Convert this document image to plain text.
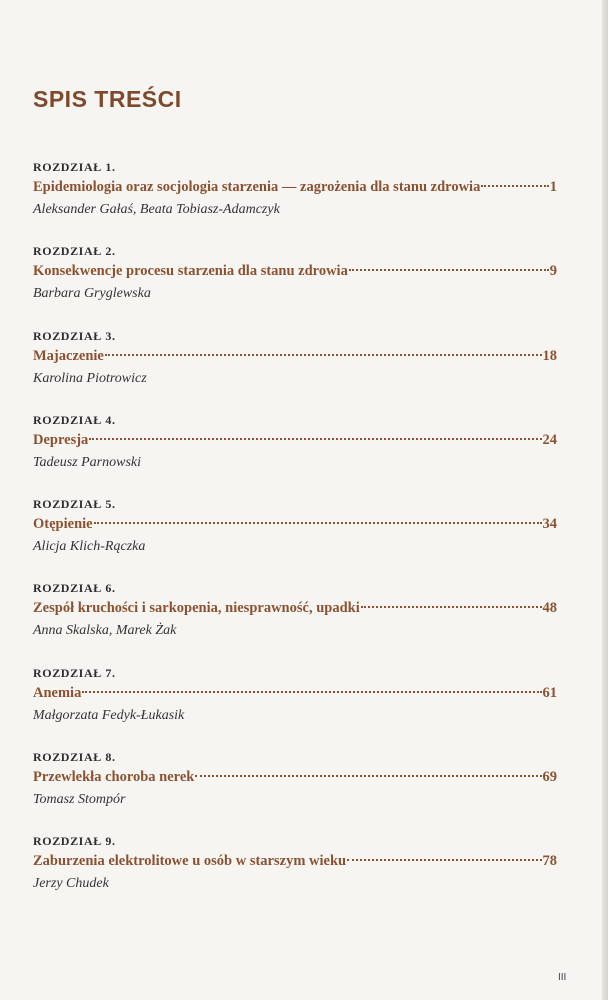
SPIS TREŚCI
ROZDZIAŁ 1.
Epidemiologia oraz socjologia starzenia — zagrożenia dla stanu zdrowia	1
Aleksander Gałaś, Beata Tobiasz-Adamczyk
ROZDZIAŁ 2.
Konsekwencje procesu starzenia dla stanu zdrowia	9
Barbara Gryglewska
ROZDZIAŁ 3.
Majaczenie	18
Karolina Piotrowicz
ROZDZIAŁ 4.
Depresja	24
Tadeusz Parnowski
ROZDZIAŁ 5.
Otępienie	34
Alicja Klich-Rączka
ROZDZIAŁ 6.
Zespół kruchości i sarkopenia, niesprawność, upadki	48
Anna Skalska, Marek Żak
ROZDZIAŁ 7.
Anemia	61
Małgorzata Fedyk-Łukasik
ROZDZIAŁ 8.
Przewlekła choroba nerek	69
Tomasz Stompór
ROZDZIAŁ 9.
Zaburzenia elektrolitowe u osób w starszym wieku	78
Jerzy Chudek
III
